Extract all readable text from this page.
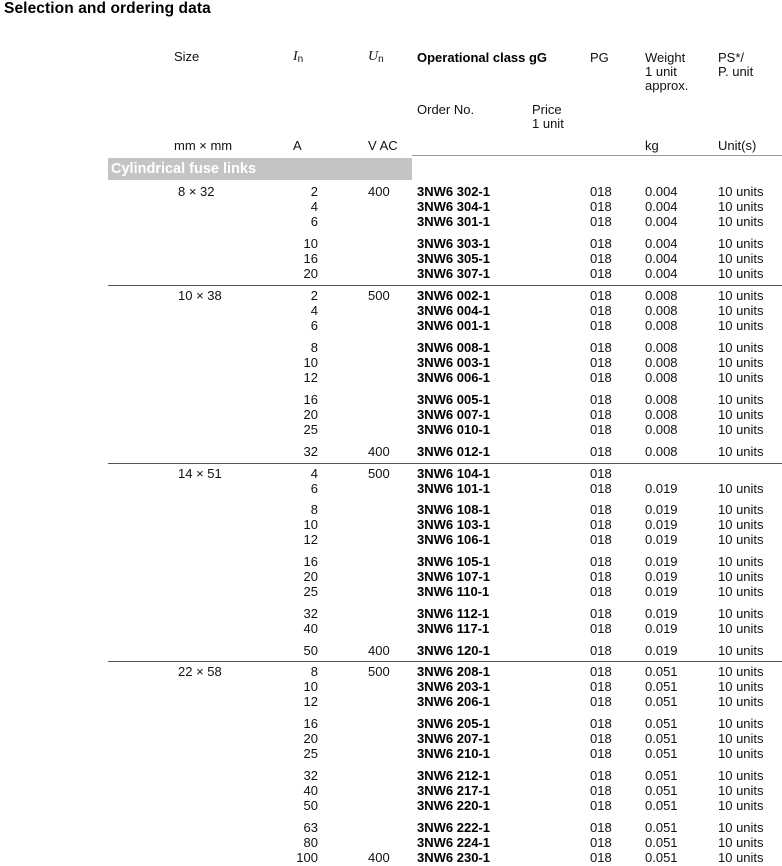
Selection and ordering data
Size	$I_n$	$U_n$	Operational class gG	PG	Weight
1 unit
approx.
PS*/
P. unit
Order No.	Price
1 unit
mm × mm	A	V AC	kg	Unit(s)
Cylindrical fuse links
8 × 32	2	400 3NW6 302-1	018	0.004	10 units
4	3NW6 304-1	018	0.004	10 units
6	3NW6 301-1	018	0.004	10 units
10	3NW6 303-1	018	0.004	10 units
16	3NW6 305-1	018	0.004	10 units
20	3NW6 307-1	018	0.004	10 units
10 × 38	2	500 3NW6 002-1	018	0.008	10 units
4	3NW6 004-1	018	0.008	10 units
6	3NW6 001-1	018	0.008	10 units
8	3NW6 008-1	018	0.008	10 units
10	3NW6 003-1	018	0.008	10 units
12	3NW6 006-1	018	0.008	10 units
16	3NW6 005-1	018	0.008	10 units
20	3NW6 007-1	018	0.008	10 units
25	3NW6 010-1	018	0.008	10 units
32	400 3NW6 012-1	018	0.008	10 units
14 × 51	4	500 3NW6 104-1	018
6	3NW6 101-1	018	0.019	10 units
8	3NW6 108-1	018	0.019	10 units
10	3NW6 103-1	018	0.019	10 units
12	3NW6 106-1	018	0.019	10 units
16	3NW6 105-1	018	0.019	10 units
20	3NW6 107-1	018	0.019	10 units
25	3NW6 110-1	018	0.019	10 units
32	3NW6 112-1	018	0.019	10 units
40	3NW6 117-1	018	0.019	10 units
50	400 3NW6 120-1	018	0.019	10 units
22 × 58	8	500 3NW6 208-1	018	0.051	10 units
10	3NW6 203-1	018	0.051	10 units
12	3NW6 206-1	018	0.051	10 units
16	3NW6 205-1	018	0.051	10 units
20	3NW6 207-1	018	0.051	10 units
25	3NW6 210-1	018	0.051	10 units
32	3NW6 212-1	018	0.051	10 units
40	3NW6 217-1	018	0.051	10 units
50	3NW6 220-1	018	0.051	10 units
63	3NW6 222-1	018	0.051	10 units
80	3NW6 224-1	018	0.051	10 units
100	400 3NW6 230-1	018	0.051	10 units
